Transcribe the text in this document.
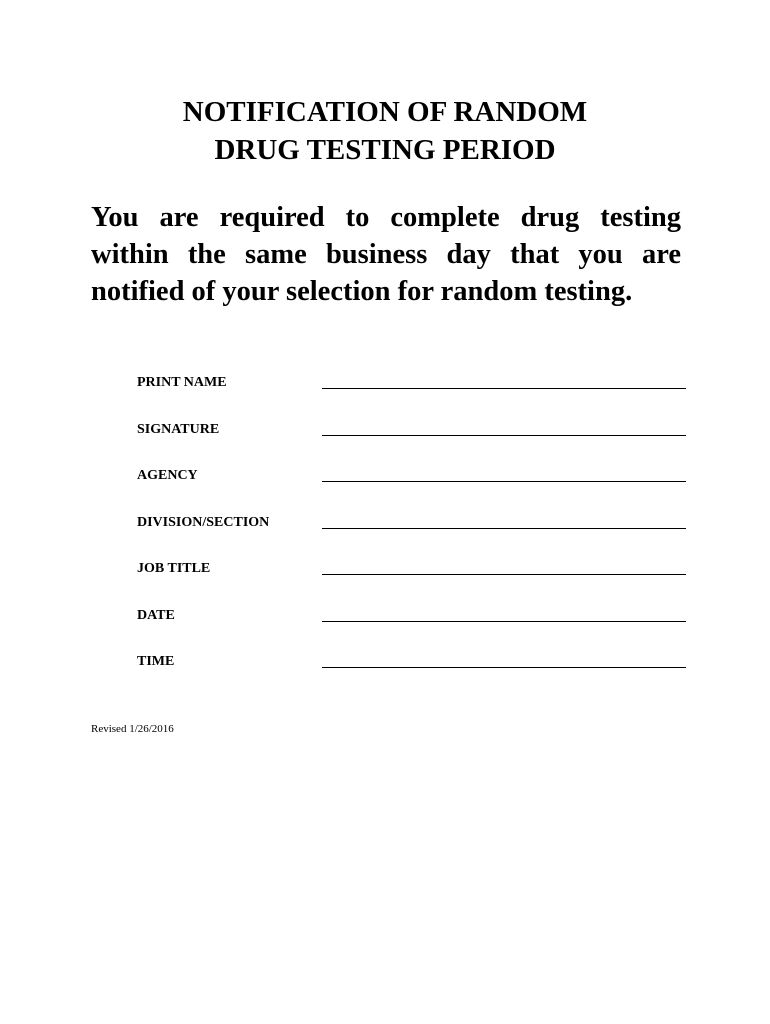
NOTIFICATION OF RANDOM
DRUG TESTING PERIOD
You are required to complete drug testing
within the same business day that you are
notified of your selection for random testing.
PRINT NAME
SIGNATURE
AGENCY
DIVISION/SECTION
JOB TITLE
DATE
TIME
Revised 1/26/2016
